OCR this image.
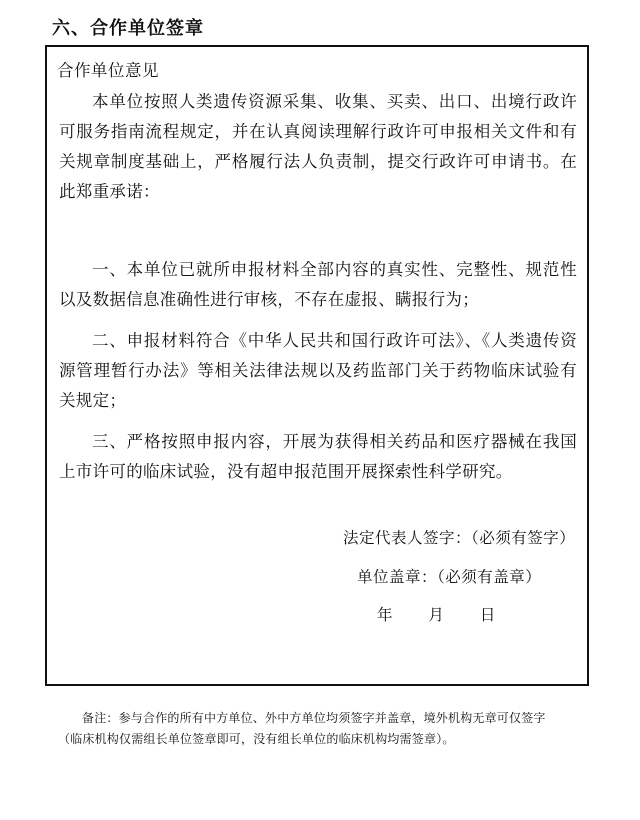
六、合作单位签章
合作单位意见
本单位按照人类遗传资源采集、收集、买卖、出口、出境行政许可服务指南流程规定，并在认真阅读理解行政许可申报相关文件和有关规章制度基础上，严格履行法人负责制，提交行政许可申请书。在此郑重承诺：
一、本单位已就所申报材料全部内容的真实性、完整性、规范性以及数据信息准确性进行审核，不存在虚报、瞒报行为；
二、申报材料符合《中华人民共和国行政许可法》、《人类遗传资源管理暂行办法》等相关法律法规以及药监部门关于药物临床试验有关规定；
三、严格按照申报内容，开展为获得相关药品和医疗器械在我国上市许可的临床试验，没有超申报范围开展探索性科学研究。
法定代表人签字：（必须有签字）
单位盖章：（必须有盖章）
年 月 日
备注：参与合作的所有中方单位、外中方单位均须签字并盖章，境外机构无章可仅签字（临床机构仅需组长单位签章即可，没有组长单位的临床机构均需签章）。
